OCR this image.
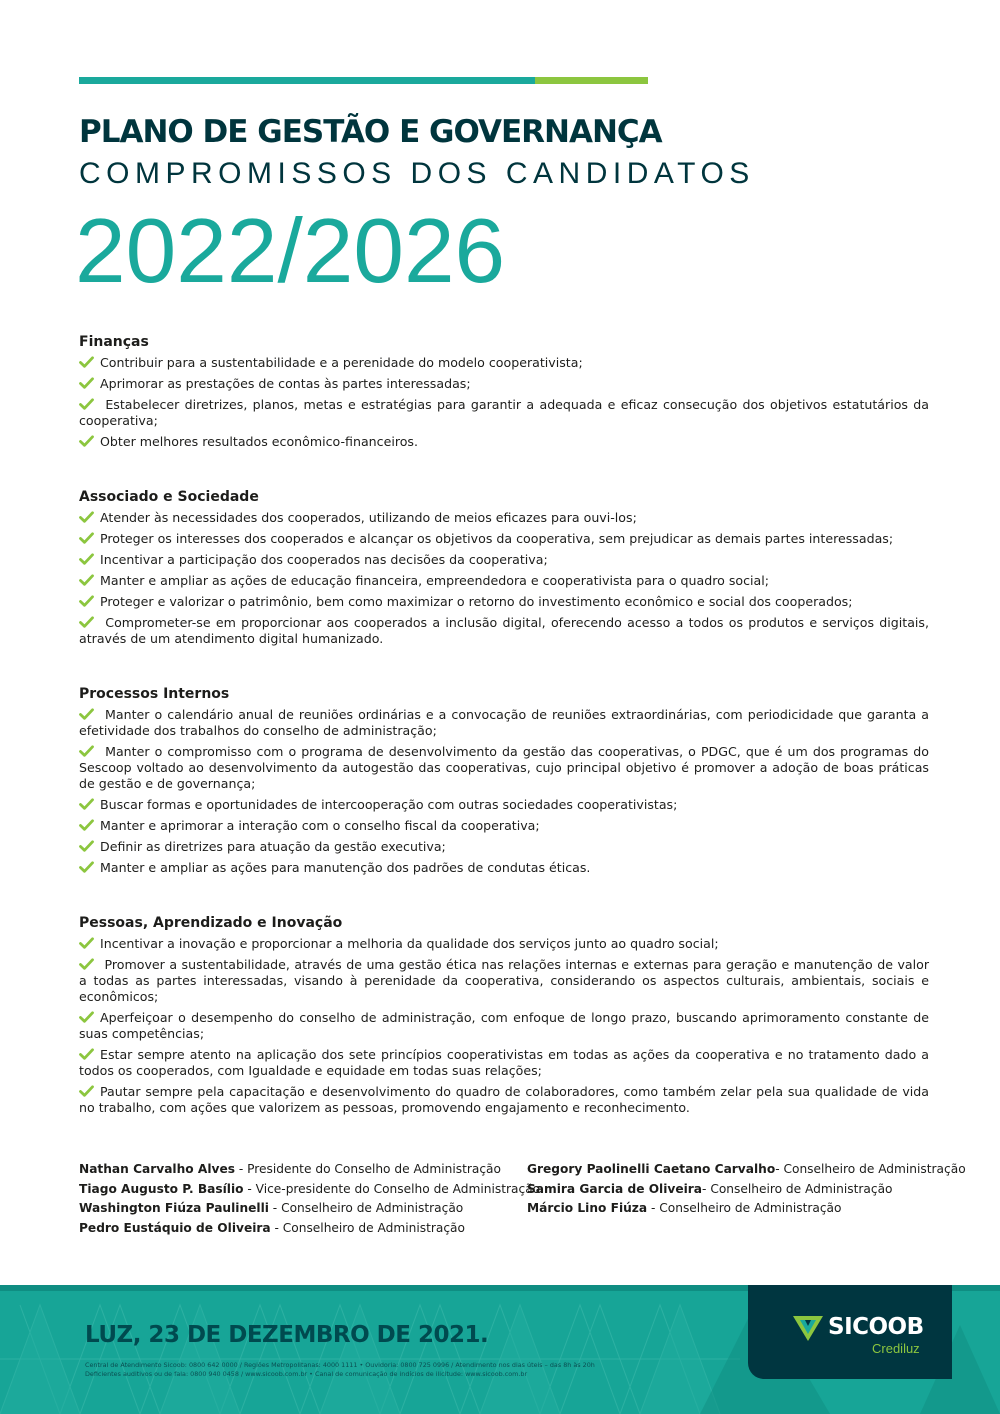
PLANO DE GESTÃO E GOVERNANÇA
COMPROMISSOS DOS CANDIDATOS
2022/2026
Finanças
Contribuir para a sustentabilidade e a perenidade do modelo cooperativista;
Aprimorar as prestações de contas às partes interessadas;
Estabelecer diretrizes, planos, metas e estratégias para garantir a adequada e eficaz consecução dos objetivos estatutários da cooperativa;
Obter melhores resultados econômico-financeiros.
Associado e Sociedade
Atender às necessidades dos cooperados, utilizando de meios eficazes para ouvi-los;
Proteger os interesses dos cooperados e alcançar os objetivos da cooperativa, sem prejudicar as demais partes interessadas;
Incentivar a participação dos cooperados nas decisões da cooperativa;
Manter e ampliar as ações de educação financeira, empreendedora e cooperativista para o quadro social;
Proteger e valorizar o patrimônio, bem como maximizar o retorno do investimento econômico e social dos cooperados;
Comprometer-se em proporcionar aos cooperados a inclusão digital, oferecendo acesso a todos os produtos e serviços digitais, através de um atendimento digital humanizado.
Processos Internos
Manter o calendário anual de reuniões ordinárias e a convocação de reuniões extraordinárias, com periodicidade que garanta a efetividade dos trabalhos do conselho de administração;
Manter o compromisso com o programa de desenvolvimento da gestão das cooperativas, o PDGC, que é um dos programas do Sescoop voltado ao desenvolvimento da autogestão das cooperativas, cujo principal objetivo é promover a adoção de boas práticas de gestão e de governança;
Buscar formas e oportunidades de intercooperação com outras sociedades cooperativistas;
Manter e aprimorar a interação com o conselho fiscal da cooperativa;
Definir as diretrizes para atuação da gestão executiva;
Manter e ampliar as ações para manutenção dos padrões de condutas éticas.
Pessoas, Aprendizado e Inovação
Incentivar a inovação e proporcionar a melhoria da qualidade dos serviços junto ao quadro social;
Promover a sustentabilidade, através de uma gestão ética nas relações internas e externas para geração e manutenção de valor a todas as partes interessadas, visando à perenidade da cooperativa, considerando os aspectos culturais, ambientais, sociais e econômicos;
Aperfeiçoar o desempenho do conselho de administração, com enfoque de longo prazo, buscando aprimoramento constante de suas competências;
Estar sempre atento na aplicação dos sete princípios cooperativistas em todas as ações da cooperativa e no tratamento dado a todos os cooperados, com Igualdade e equidade em todas suas relações;
Pautar sempre pela capacitação e desenvolvimento do quadro de colaboradores, como também zelar pela sua qualidade de vida no trabalho, com ações que valorizem as pessoas, promovendo engajamento e reconhecimento.
Nathan Carvalho Alves - Presidente do Conselho de Administração
Tiago Augusto P. Basílio - Vice-presidente do Conselho de Administração
Washington Fiúza Paulinelli - Conselheiro de Administração
Pedro Eustáquio de Oliveira - Conselheiro de Administração
Gregory Paolinelli Caetano Carvalho- Conselheiro de Administração
Samira Garcia de Oliveira- Conselheiro de Administração
Márcio Lino Fiúza - Conselheiro de Administração
LUZ, 23 DE DEZEMBRO DE 2021.
Central de Atendimento Sicoob: 0800 642 0000 / Regiões Metropolitanas: 4000 1111 • Ouvidoria: 0800 725 0996 / Atendimento nos dias úteis – das 8h às 20h
Deficientes auditivos ou de fala: 0800 940 0458 / www.sicoob.com.br • Canal de comunicação de indícios de ilicitude: www.sicoob.com.br
SICOOB
Crediluz
